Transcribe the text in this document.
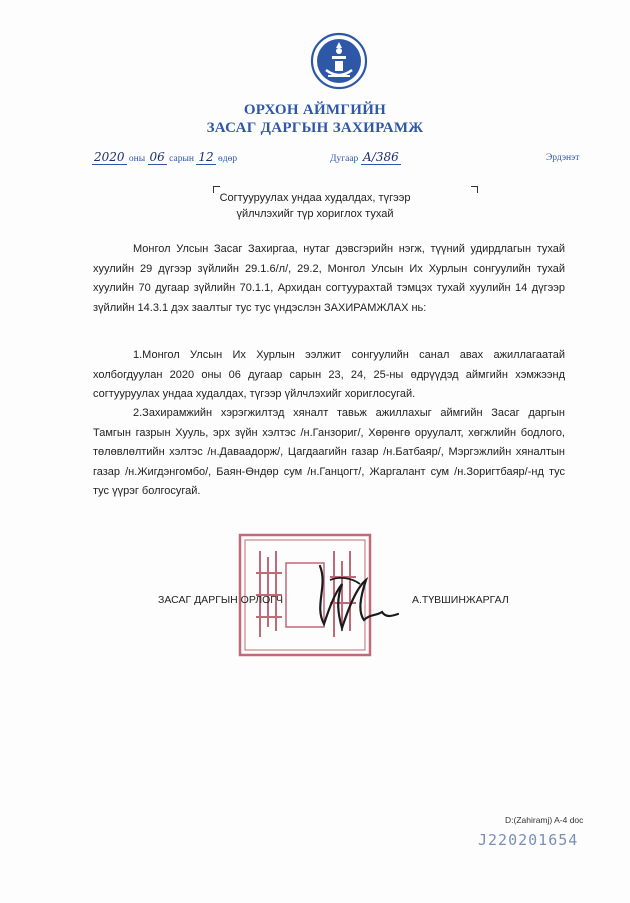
ОРХОН АЙМГИЙН
ЗАСАГ ДАРГЫН ЗАХИРАМЖ
2020 оны 06 сарын 12 өдөр	Дугаар А/386	Эрдэнэт
Согтууруулах ундаа худалдах, түгээр
үйлчлэхийг түр хориглох тухай

Монгол Улсын Засаг Захиргаа, нутаг дэвсгэрийн нэгж, түүний удирдлагын тухай хуулийн 29 дүгээр зүйлийн 29.1.6/л/, 29.2, Монгол Улсын Их Хурлын сонгуулийн тухай хуулийн 70 дугаар зүйлийн 70.1.1, Архидан согтуурахтай тэмцэх тухай хуулийн 14 дүгээр зүйлийн 14.3.1 дэх заалтыг тус тус үндэслэн ЗАХИРАМЖЛАХ нь:

1.Монгол Улсын Их Хурлын ээлжит сонгуулийн санал авах ажиллагаатай холбогдуулан 2020 оны 06 дугаар сарын 23, 24, 25-ны өдрүүдэд аймгийн хэмжээнд согтууруулах ундаа худалдах, түгээр үйлчлэхийг хориглосугай.

2.Захирамжийн хэрэгжилтэд хяналт тавьж ажиллахыг аймгийн Засаг даргын Тамгын газрын Хууль, эрх зүйн хэлтэс /н.Ганзориг/, Хөрөнгө оруулалт, хөгжлийн бодлого, төлөвлөлтийн хэлтэс /н.Даваадорж/, Цагдаагийн газар /н.Батбаяр/, Мэргэжлийн хяналтын газар /н.Жигдэнгомбо/, Баян-Өндөр сум /н.Ганцогт/, Жаргалант сум /н.Зоригтбаяр/-нд тус тус үүрэг болгосугай.

ЗАСАГ ДАРГЫН ОРЛОГЧ	А.ТҮВШИНЖАРГАЛ
D:(Zahiramj) A-4 doc
J220201654
